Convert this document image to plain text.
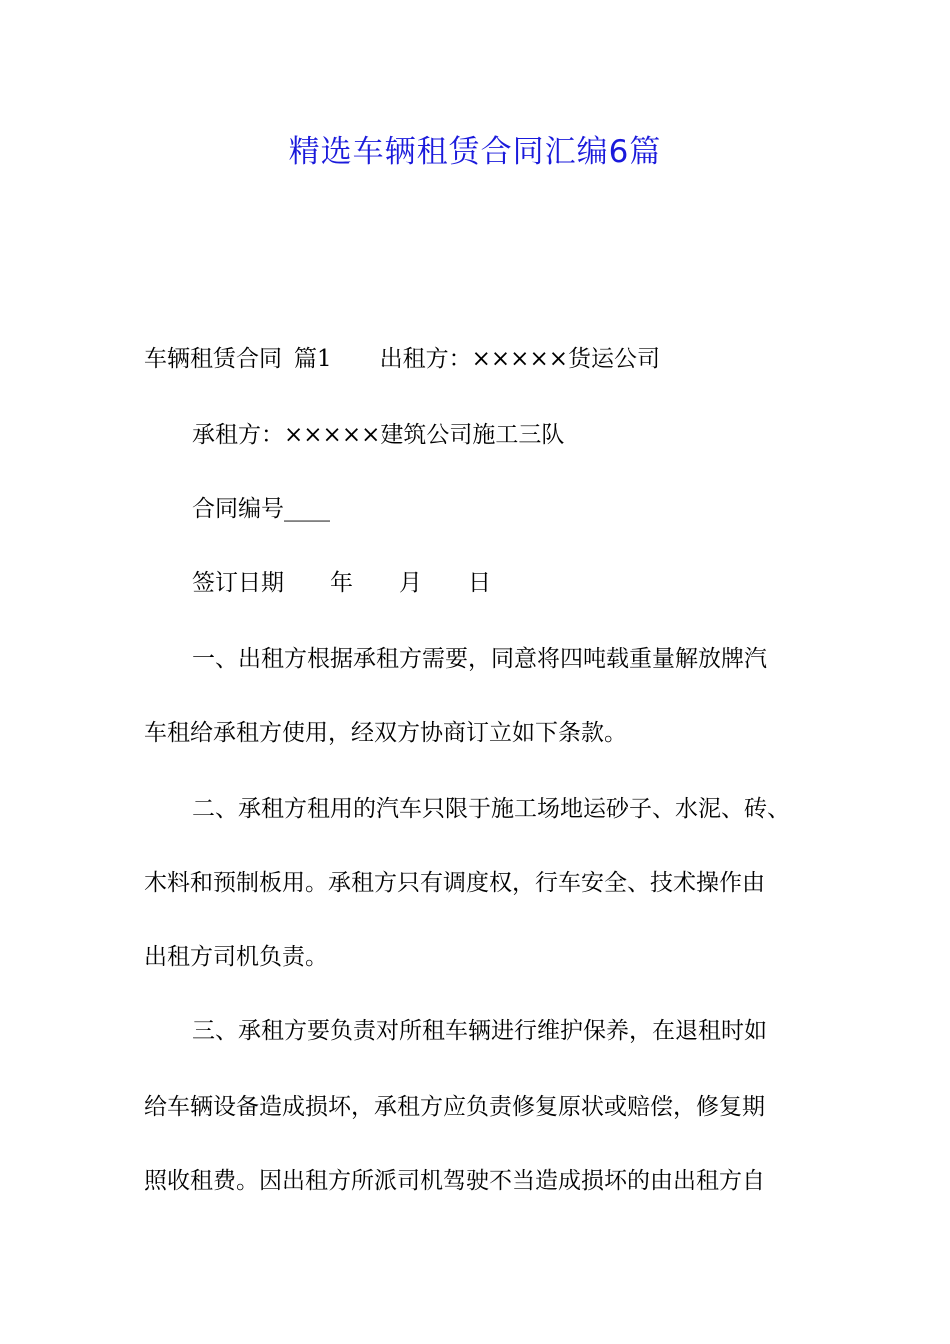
精选车辆租赁合同汇编6篇
车辆租赁合同 篇1 出租方：×××××货运公司
承租方：×××××建筑公司施工三队
合同编号____
签订日期 年 月 日
一、出租方根据承租方需要，同意将四吨载重量解放牌汽
车租给承租方使用，经双方协商订立如下条款。
二、承租方租用的汽车只限于施工场地运砂子、水泥、砖、
木料和预制板用。承租方只有调度权，行车安全、技术操作由
出租方司机负责。
三、承租方要负责对所租车辆进行维护保养，在退租时如
给车辆设备造成损坏，承租方应负责修复原状或赔偿，修复期
照收租费。因出租方所派司机驾驶不当造成损坏的由出租方自
